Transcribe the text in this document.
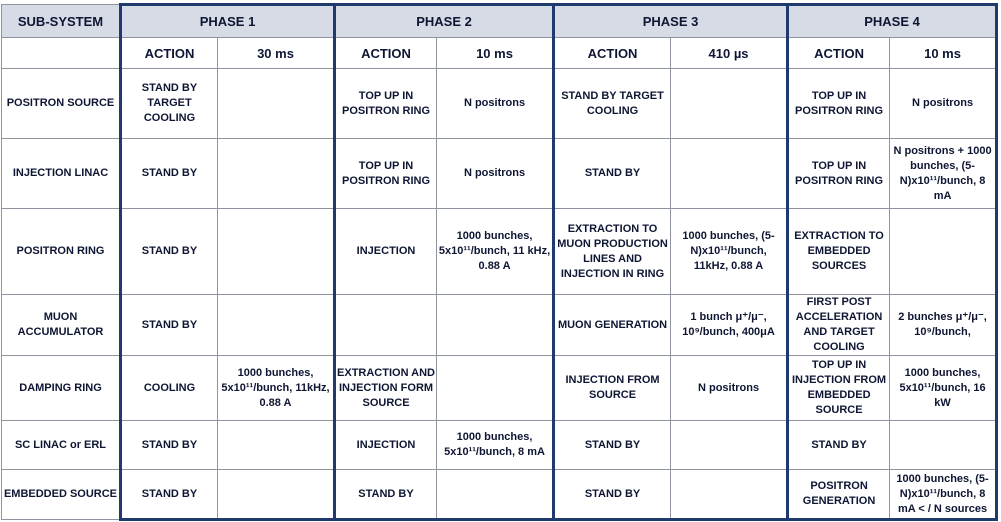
SUB-SYSTEM	PHASE 1		PHASE 2		PHASE 3		PHASE 4	
	ACTION	30 ms	ACTION	10 ms	ACTION	410 µs	ACTION	10 ms
POSITRON SOURCE	STAND BY TARGET COOLING		TOP UP IN POSITRON RING	N positrons	STAND BY TARGET COOLING		TOP UP IN POSITRON RING	N positrons
INJECTION LINAC	STAND BY		TOP UP IN POSITRON RING	N positrons	STAND BY		TOP UP IN POSITRON RING	N positrons + 1000 bunches, (5-N)x10¹¹/bunch, 8 mA
POSITRON RING	STAND BY		INJECTION	1000 bunches, 5x10¹¹/bunch, 11 kHz, 0.88 A	EXTRACTION TO MUON PRODUCTION LINES AND INJECTION IN RING	1000 bunches, (5-N)x10¹¹/bunch, 11kHz, 0.88 A	EXTRACTION TO EMBEDDED SOURCES	
MUON ACCUMULATOR	STAND BY				MUON GENERATION	1 bunch μ⁺/μ⁻, 10⁹/bunch, 400μA	FIRST POST ACCELERATION AND TARGET COOLING	2 bunches μ⁺/μ⁻, 10⁹/bunch,
DAMPING RING	COOLING	1000 bunches, 5x10¹¹/bunch, 11kHz, 0.88 A	EXTRACTION AND INJECTION FORM SOURCE		INJECTION FROM SOURCE	N positrons	TOP UP IN INJECTION FROM EMBEDDED SOURCE	1000 bunches, 5x10¹¹/bunch, 16 kW
SC LINAC or ERL	STAND BY		INJECTION	1000 bunches, 5x10¹¹/bunch, 8 mA	STAND BY		STAND BY	
EMBEDDED SOURCE	STAND BY		STAND BY		STAND BY		POSITRON GENERATION	1000 bunches, (5-N)x10¹¹/bunch, 8 mA < / N sources
